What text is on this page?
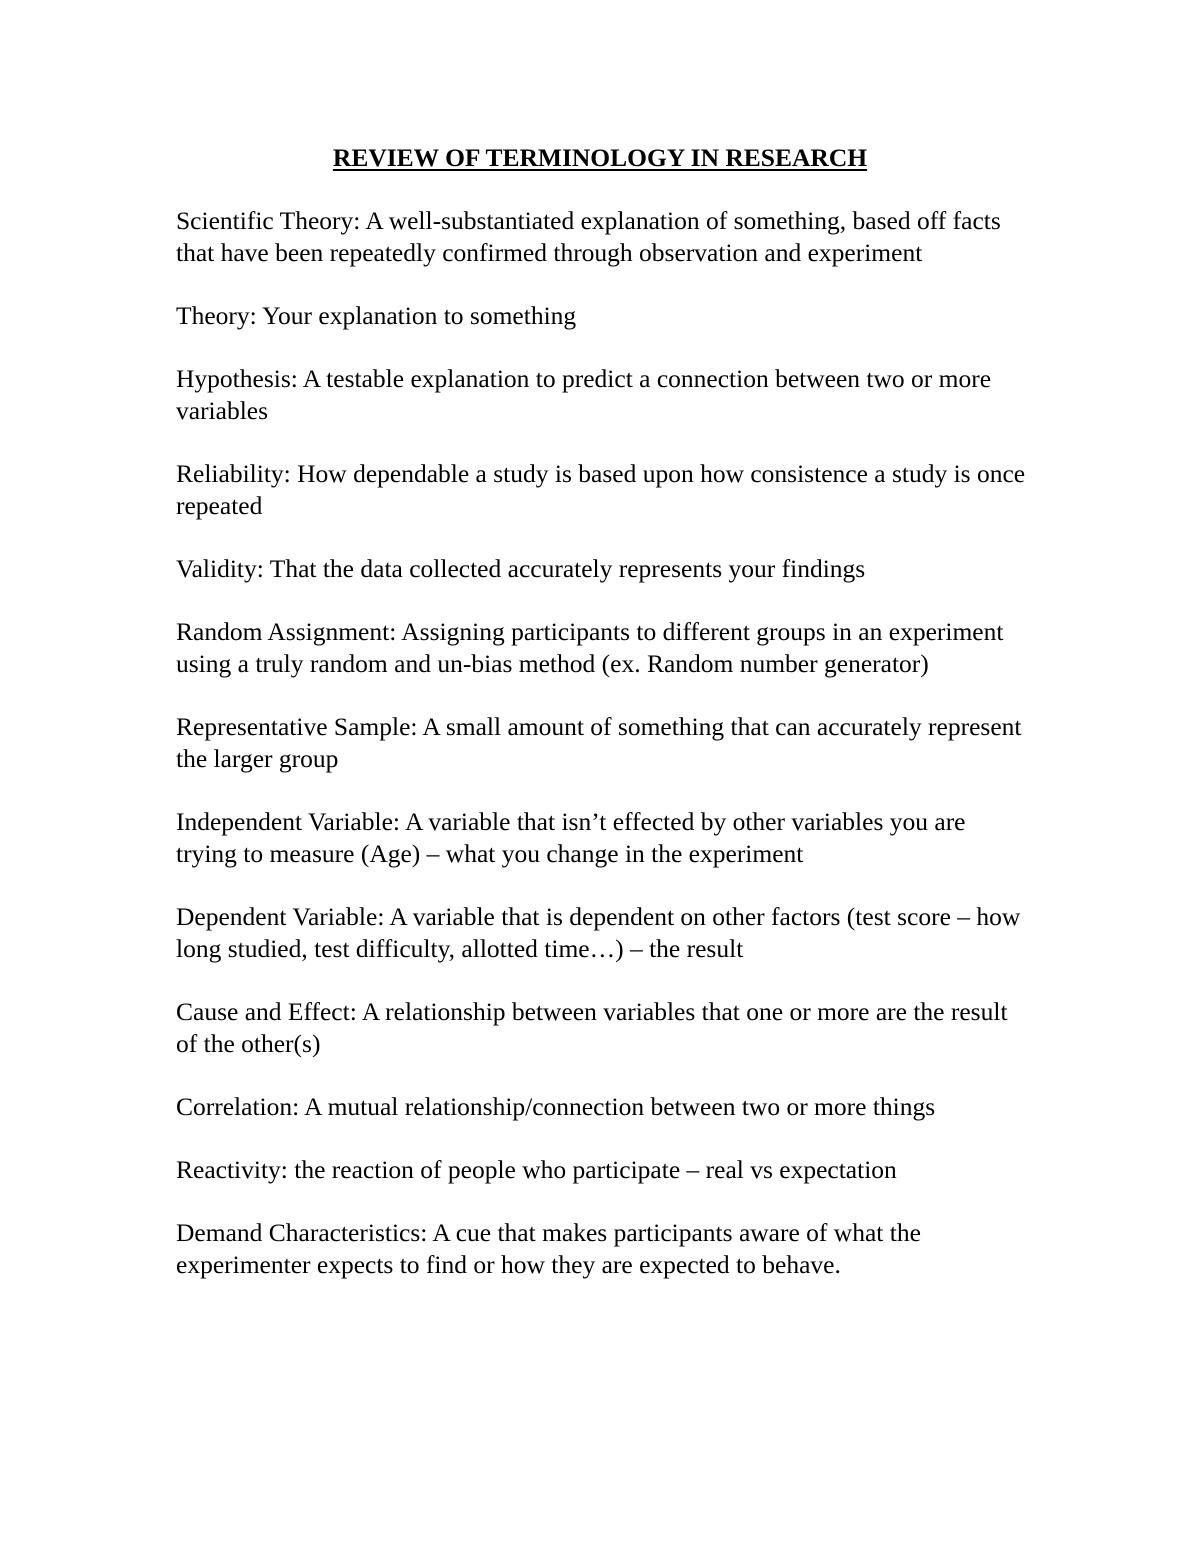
REVIEW OF TERMINOLOGY IN RESEARCH

Scientific Theory: A well-substantiated explanation of something, based off facts that have been repeatedly confirmed through observation and experiment

Theory: Your explanation to something

Hypothesis: A testable explanation to predict a connection between two or more variables

Reliability: How dependable a study is based upon how consistence a study is once repeated

Validity: That the data collected accurately represents your findings

Random Assignment: Assigning participants to different groups in an experiment using a truly random and un-bias method (ex. Random number generator)

Representative Sample: A small amount of something that can accurately represent the larger group

Independent Variable: A variable that isn’t effected by other variables you are trying to measure (Age) – what you change in the experiment

Dependent Variable: A variable that is dependent on other factors (test score – how long studied, test difficulty, allotted time…) – the result

Cause and Effect: A relationship between variables that one or more are the result of the other(s)

Correlation: A mutual relationship/connection between two or more things

Reactivity: the reaction of people who participate – real vs expectation

Demand Characteristics: A cue that makes participants aware of what the experimenter expects to find or how they are expected to behave.
